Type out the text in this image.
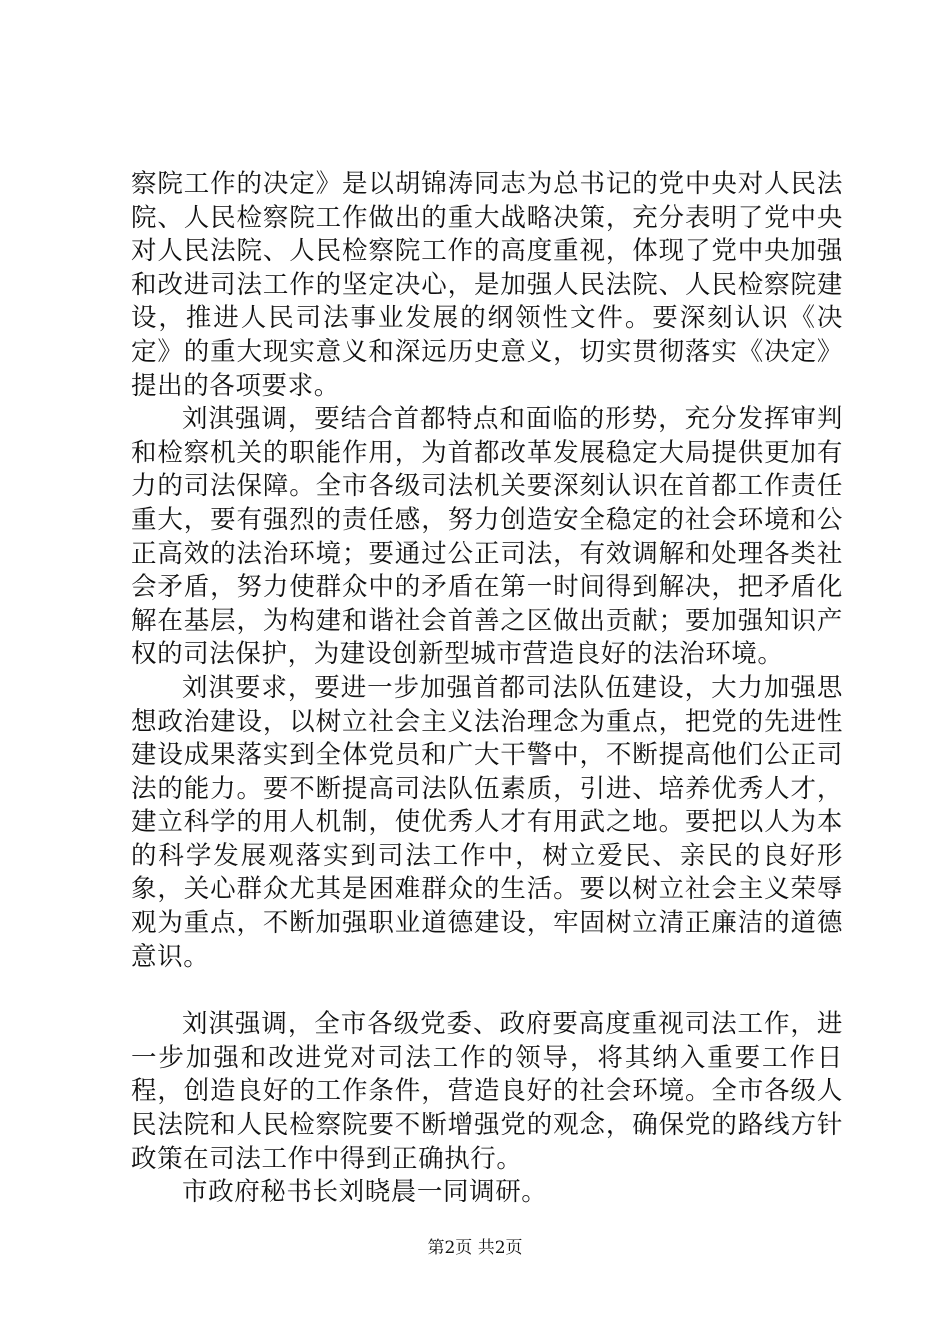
察院工作的决定》是以胡锦涛同志为总书记的党中央对人民法院、人民检察院工作做出的重大战略决策，充分表明了党中央对人民法院、人民检察院工作的高度重视，体现了党中央加强和改进司法工作的坚定决心，是加强人民法院、人民检察院建设，推进人民司法事业发展的纲领性文件。要深刻认识《决定》的重大现实意义和深远历史意义，切实贯彻落实《决定》提出的各项要求。

刘淇强调，要结合首都特点和面临的形势，充分发挥审判和检察机关的职能作用，为首都改革发展稳定大局提供更加有力的司法保障。全市各级司法机关要深刻认识在首都工作责任重大，要有强烈的责任感，努力创造安全稳定的社会环境和公正高效的法治环境；要通过公正司法，有效调解和处理各类社会矛盾，努力使群众中的矛盾在第一时间得到解决，把矛盾化解在基层，为构建和谐社会首善之区做出贡献；要加强知识产权的司法保护，为建设创新型城市营造良好的法治环境。

刘淇要求，要进一步加强首都司法队伍建设，大力加强思想政治建设，以树立社会主义法治理念为重点，把党的先进性建设成果落实到全体党员和广大干警中，不断提高他们公正司法的能力。要不断提高司法队伍素质，引进、培养优秀人才，建立科学的用人机制，使优秀人才有用武之地。要把以人为本的科学发展观落实到司法工作中，树立爱民、亲民的良好形象，关心群众尤其是困难群众的生活。要以树立社会主义荣辱观为重点，不断加强职业道德建设，牢固树立清正廉洁的道德意识。

刘淇强调，全市各级党委、政府要高度重视司法工作，进一步加强和改进党对司法工作的领导，将其纳入重要工作日程，创造良好的工作条件，营造良好的社会环境。全市各级人民法院和人民检察院要不断增强党的观念，确保党的路线方针政策在司法工作中得到正确执行。

市政府秘书长刘晓晨一同调研。

第2页 共2页
